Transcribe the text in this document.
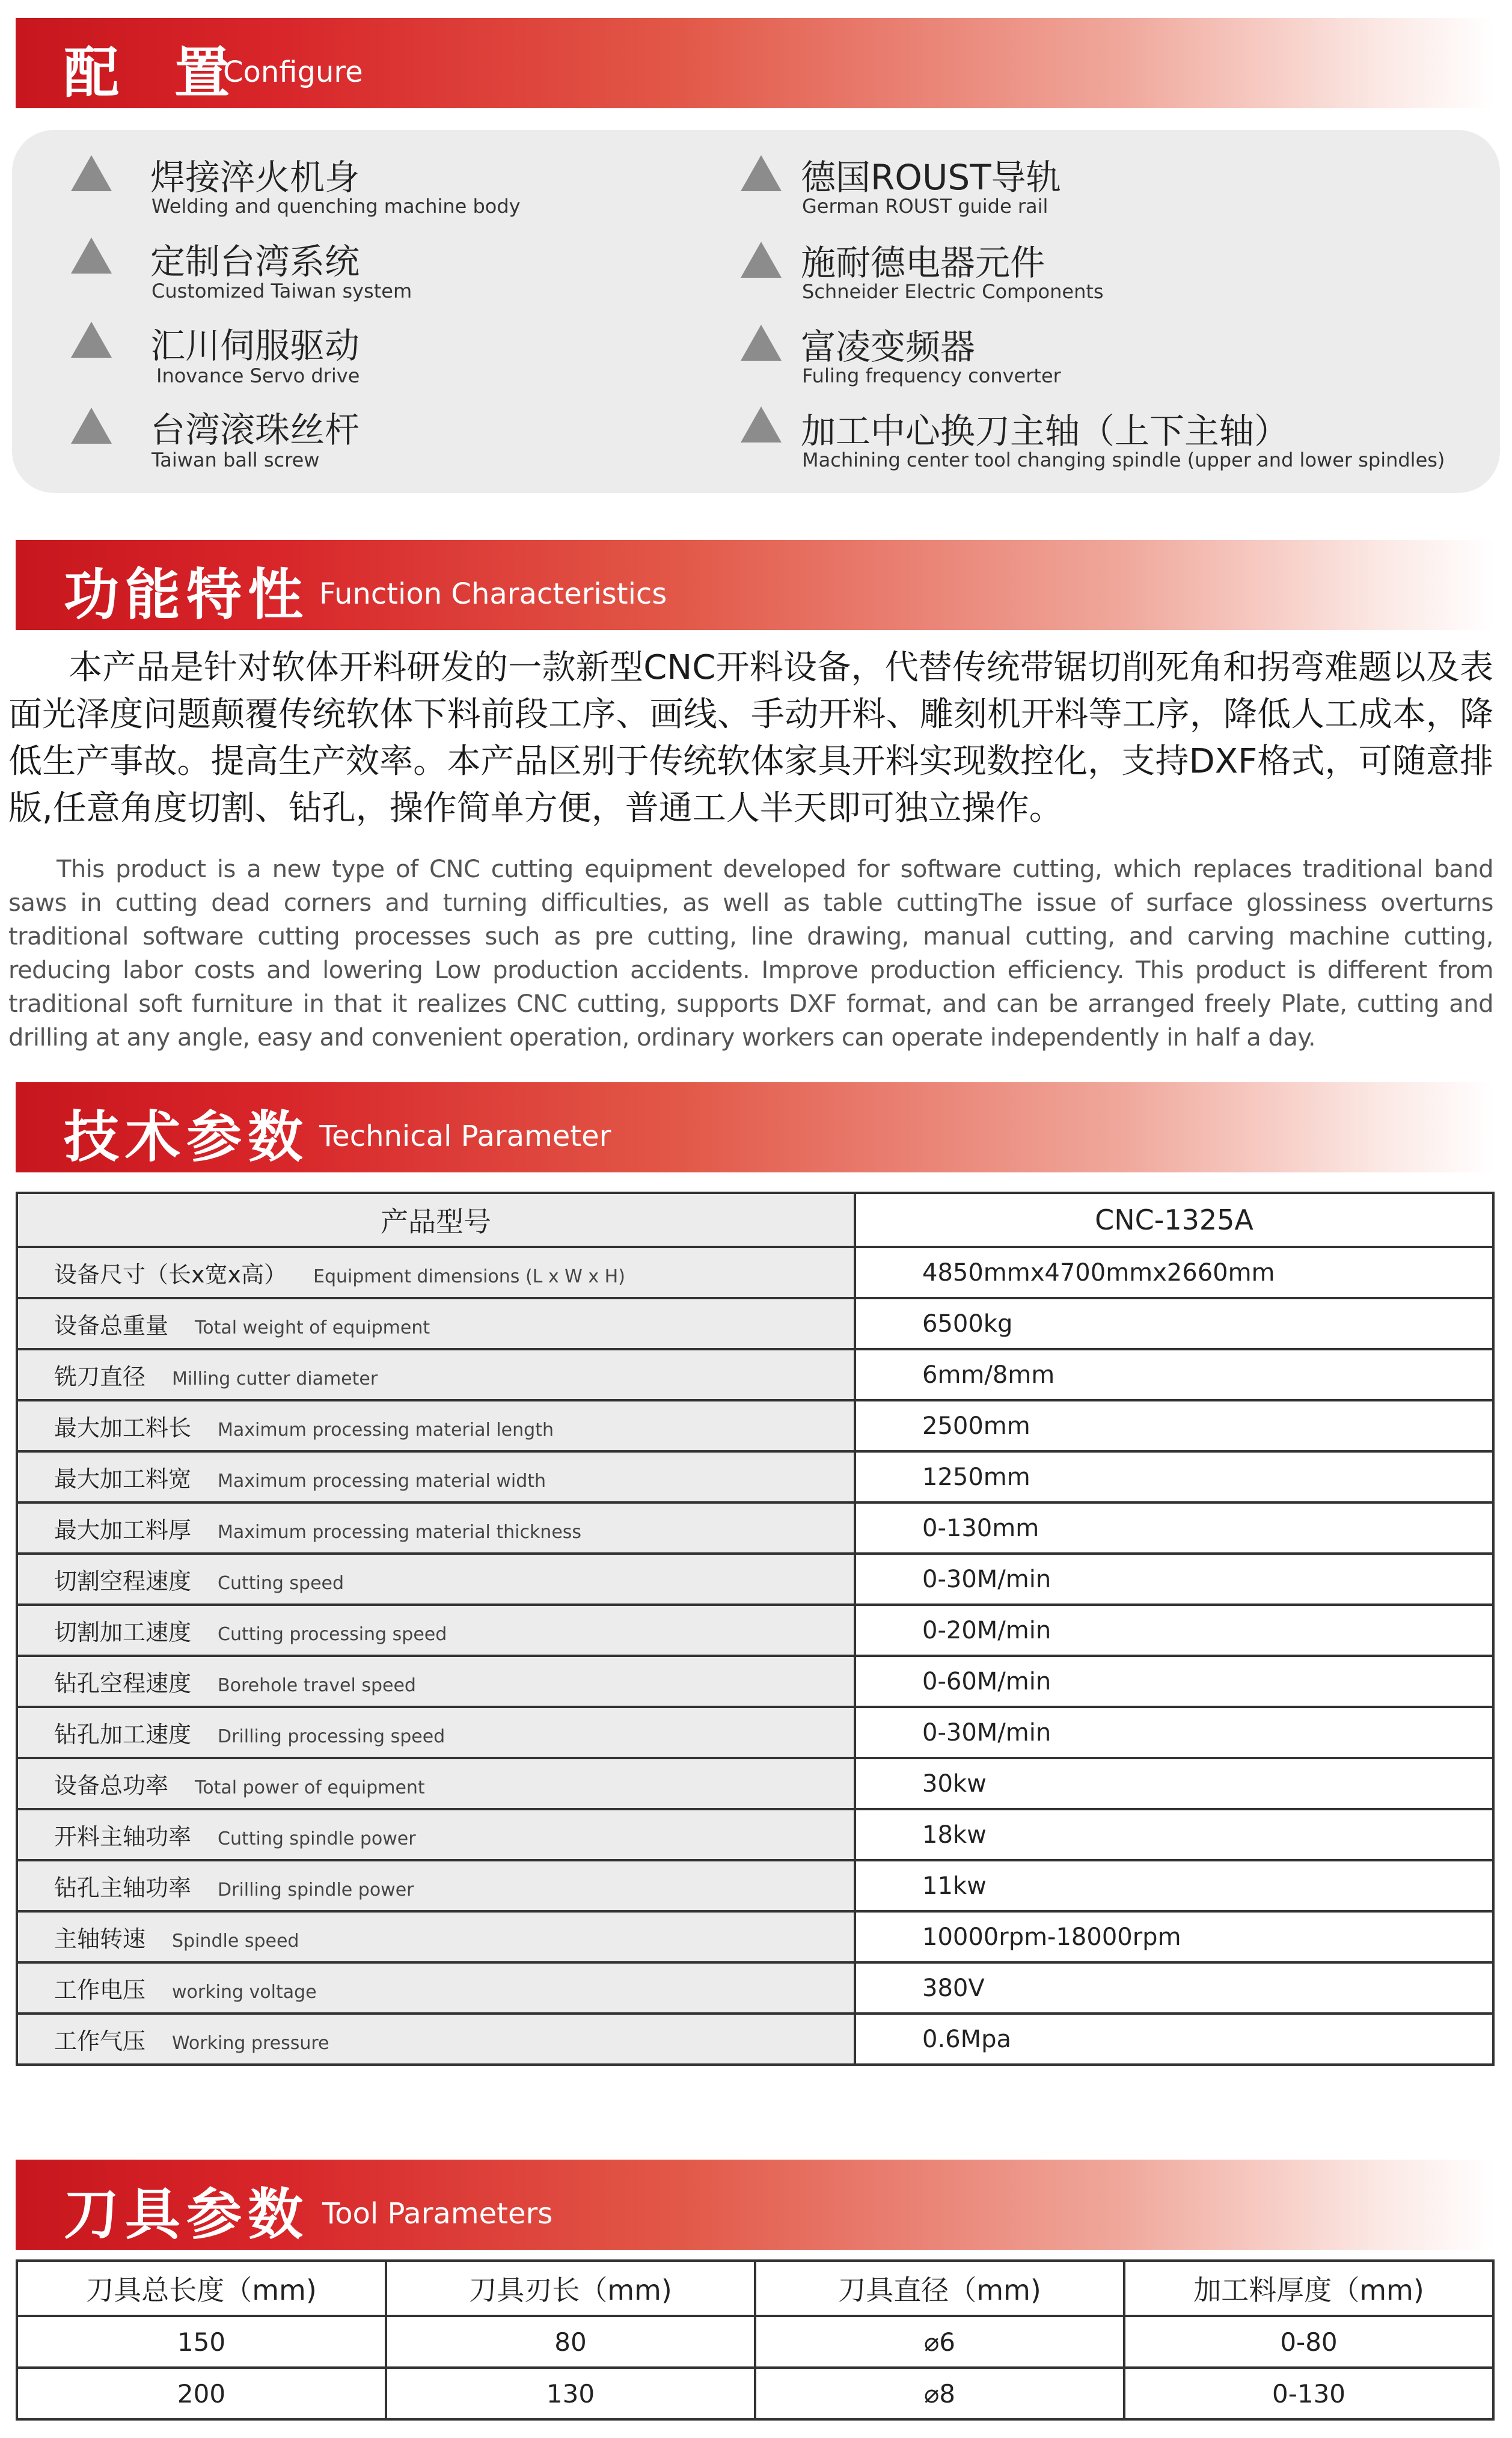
配 置
Configure
焊接淬火机身
Welding and quenching machine body
定制台湾系统
Customized Taiwan system
汇川伺服驱动
Inovance Servo drive
台湾滚珠丝杆
Taiwan ball screw
德国ROUST导轨
German ROUST guide rail
施耐德电器元件
Schneider Electric Components
富凌变频器
Fuling frequency converter
加工中心换刀主轴（上下主轴）
Machining center tool changing spindle (upper and lower spindles)
功能特性 Function Characteristics
本产品是针对软体开料研发的一款新型CNC开料设备，代替传统带锯切削死角和拐弯难题以及表面光泽度问题颠覆传统软体下料前段工序、画线、手动开料、雕刻机开料等工序，降低人工成本，降低生产事故。提高生产效率。本产品区别于传统软体家具开料实现数控化，支持DXF格式，可随意排版,任意角度切割、钻孔，操作简单方便，普通工人半天即可独立操作。
This product is a new type of CNC cutting equipment developed for software cutting, which replaces traditional band saws in cutting dead corners and turning difficulties, as well as table cuttingThe issue of surface glossiness overturns traditional software cutting processes such as pre cutting, line drawing, manual cutting, and carving machine cutting, reducing labor costs and lowering Low production accidents. Improve production efficiency. This product is different from traditional soft furniture in that it realizes CNC cutting, supports DXF format, and can be arranged freely Plate, cutting and drilling at any angle, easy and convenient operation, ordinary workers can operate independently in half a day.
技术参数 Technical Parameter
产品型号	CNC-1325A
设备尺寸（长x宽x高） Equipment dimensions (L x W x H)	4850mmx4700mmx2660mm
设备总重量 Total weight of equipment	6500kg
铣刀直径 Milling cutter diameter	6mm/8mm
最大加工料长 Maximum processing material length	2500mm
最大加工料宽 Maximum processing material width	1250mm
最大加工料厚 Maximum processing material thickness	0-130mm
切割空程速度 Cutting speed	0-30M/min
切割加工速度 Cutting processing speed	0-20M/min
钻孔空程速度 Borehole travel speed	0-60M/min
钻孔加工速度 Drilling processing speed	0-30M/min
设备总功率 Total power of equipment	30kw
开料主轴功率 Cutting spindle power	18kw
钻孔主轴功率 Drilling spindle power	11kw
主轴转速 Spindle speed	10000rpm-18000rpm
工作电压 working voltage	380V
工作气压 Working pressure	0.6Mpa
刀具参数 Tool Parameters
刀具总长度（mm)	刀具刃长（mm)	刀具直径（mm)	加工料厚度（mm)
150	80	⌀6	0-80
200	130	⌀8	0-130
